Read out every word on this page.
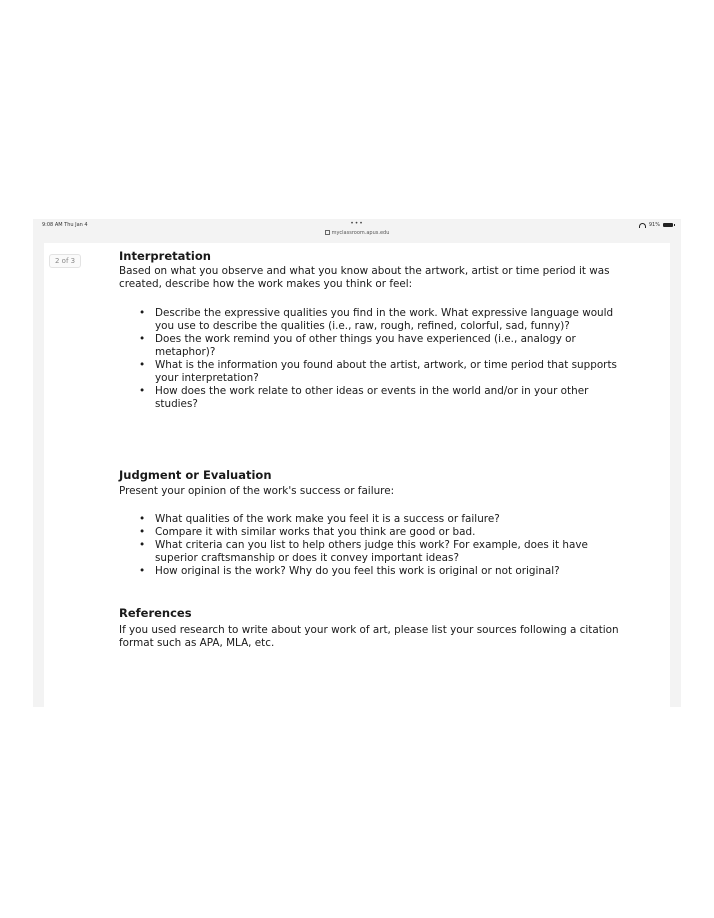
9:08 AM Thu Jan 4	•••
myclassroom.apus.edu
91%
2 of 3	Interpretation

Based on what you observe and what you know about the artwork, artist or time period it was created, describe how the work makes you think or feel:

• Describe the expressive qualities you find in the work. What expressive language would you use to describe the qualities (i.e., raw, rough, refined, colorful, sad, funny)?
• Does the work remind you of other things you have experienced (i.e., analogy or metaphor)?
• What is the information you found about the artist, artwork, or time period that supports your interpretation?
• How does the work relate to other ideas or events in the world and/or in your other studies?
Judgment or Evaluation

Present your opinion of the work's success or failure:

• What qualities of the work make you feel it is a success or failure?
• Compare it with similar works that you think are good or bad.
• What criteria can you list to help others judge this work? For example, does it have superior craftsmanship or does it convey important ideas?
• How original is the work? Why do you feel this work is original or not original?
References

If you used research to write about your work of art, please list your sources following a citation format such as APA, MLA, etc.
